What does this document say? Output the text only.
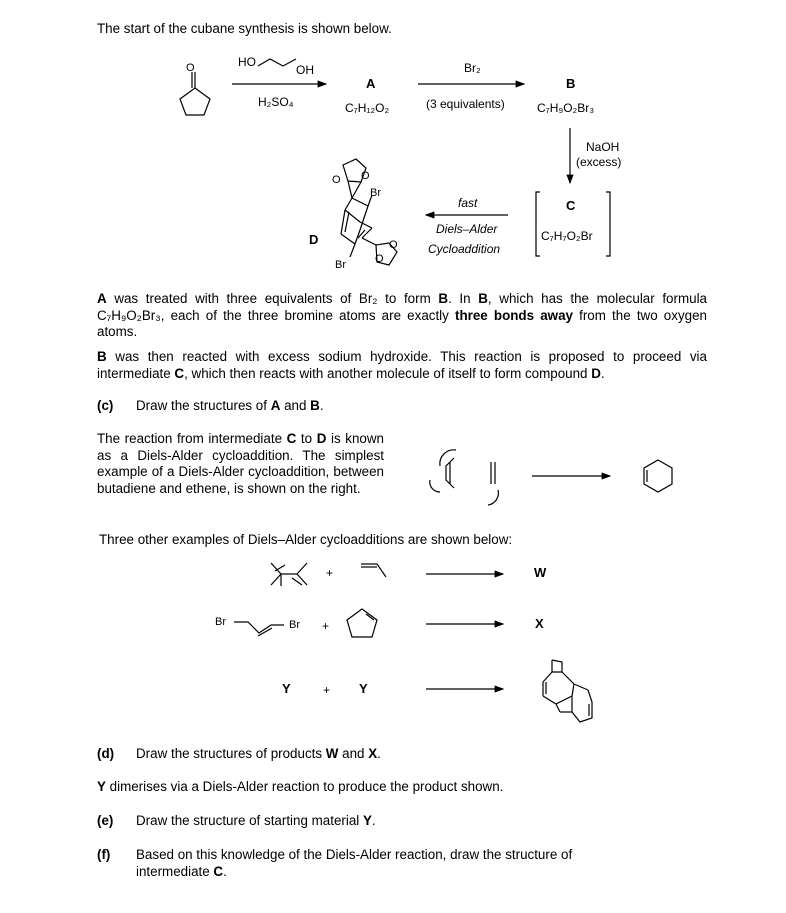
The start of the cubane synthesis is shown below.
HO
OH
H₂SO₄
A
C₇H₁₂O₂
Br₂
(3 equivalents)
B
C₇H₉O₂Br₃
NaOH
(excess)
C
C₇H₇O₂Br
fast
Diels–Alder
Cycloaddition
D
O
O O
Br
O
O
Br
A was treated with three equivalents of Br₂ to form B. In B, which has the molecular formula C₇H₉O₂Br₃, each of the three bromine atoms are exactly three bonds away from the two oxygen atoms.
B was then reacted with excess sodium hydroxide. This reaction is proposed to proceed via intermediate C, which then reacts with another molecule of itself to form compound D.
(c) Draw the structures of A and B.
The reaction from intermediate C to D is known as a Diels-Alder cycloaddition. The simplest example of a Diels-Alder cycloaddition, between butadiene and ethene, is shown on the right.
Three other examples of Diels–Alder cycloadditions are shown below:
+	W
Br	Br +	X
Y	+ Y
(d) Draw the structures of products W and X.
Y dimerises via a Diels-Alder reaction to produce the product shown.
(e) Draw the structure of starting material Y.
(f) Based on this knowledge of the Diels-Alder reaction, draw the structure of intermediate C.
